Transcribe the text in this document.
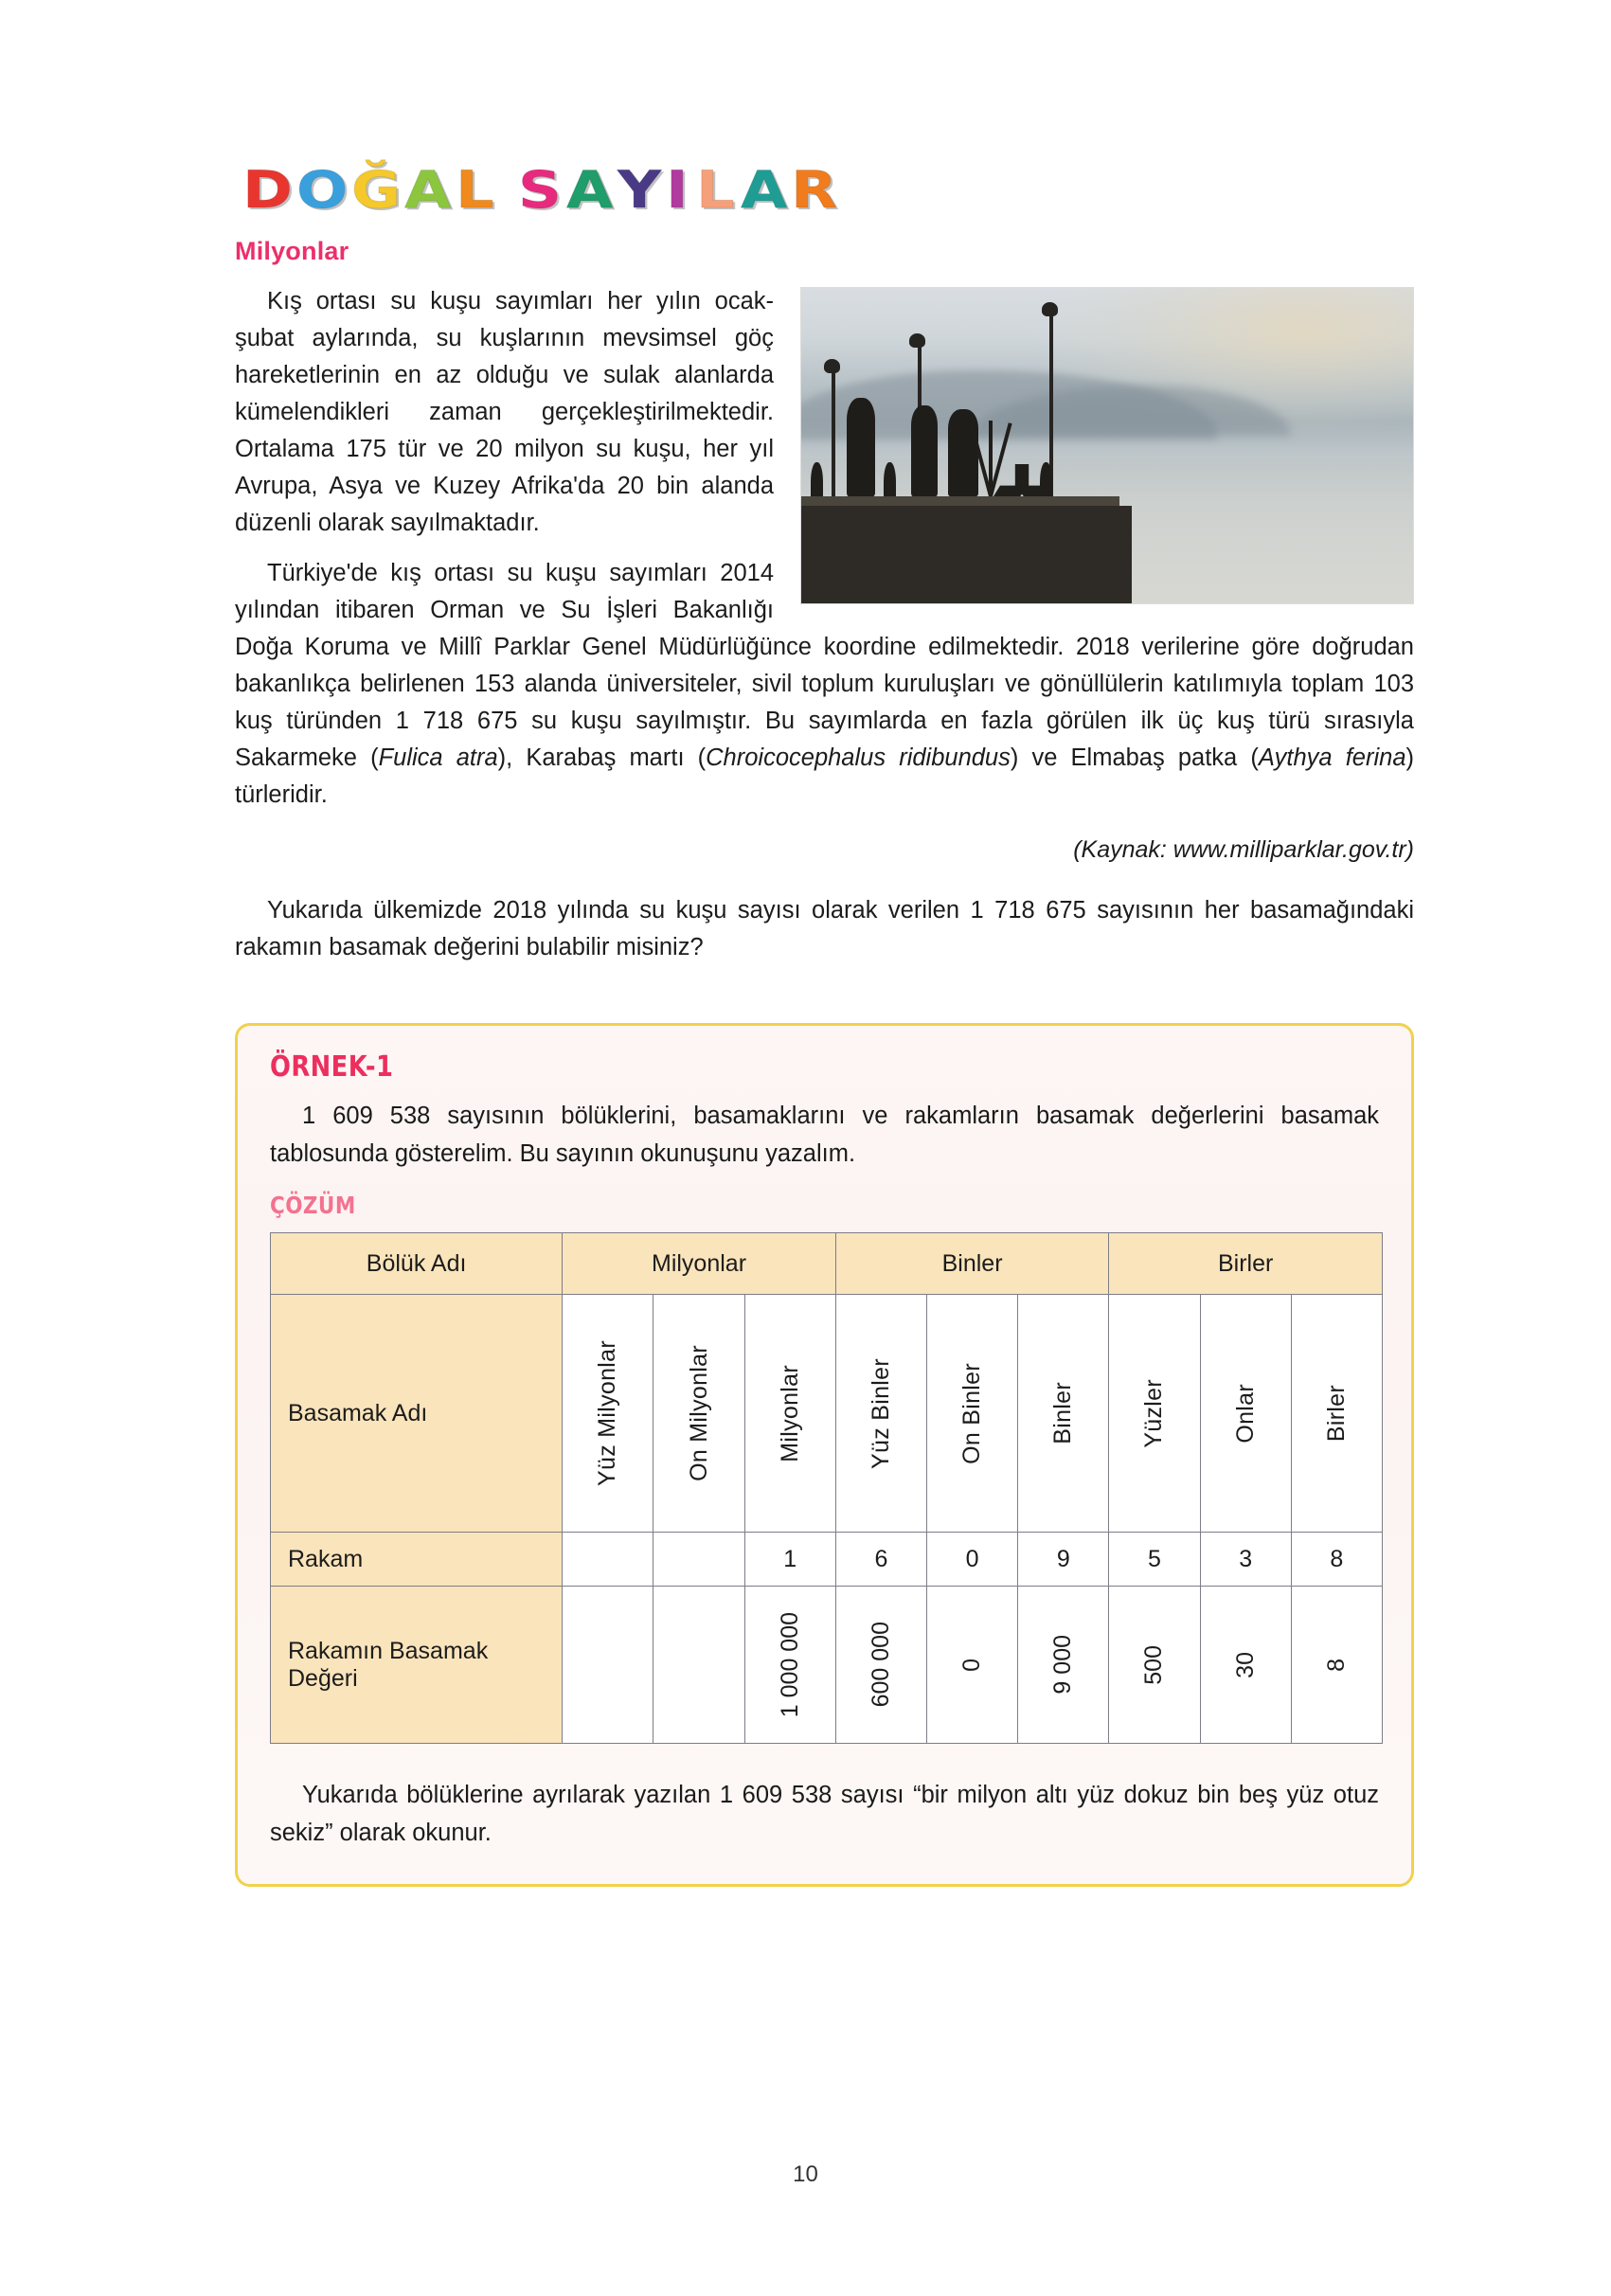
D O Ğ A L S A Y I L A R
Milyonlar
Kış ortası su kuşu sayımları her yılın ocak-şubat aylarında, su kuşlarının mevsimsel göç hareketlerinin en az olduğu ve sulak alanlarda kümelendikleri zaman gerçekleştirilmektedir. Ortalama 175 tür ve 20 milyon su kuşu, her yıl Avrupa, Asya ve Kuzey Afrika'da 20 bin alanda düzenli olarak sayılmaktadır.
Türkiye'de kış ortası su kuşu sayımları 2014 yılından itibaren Orman ve Su İşleri Bakanlığı Doğa Koruma ve Millî Parklar Genel Müdürlüğünce koordine edilmektedir. 2018 verilerine göre doğrudan bakanlıkça belirlenen 153 alanda üniversiteler, sivil toplum kuruluşları ve gönüllülerin katılımıyla toplam 103 kuş türünden 1 718 675 su kuşu sayılmıştır. Bu sayımlarda en fazla görülen ilk üç kuş türü sırasıyla Sakarmeke (Fulica atra), Karabaş martı (Chroicocephalus ridibundus) ve Elmabaş patka (Aythya ferina) türleridir.
(Kaynak: www.milliparklar.gov.tr)
Yukarıda ülkemizde 2018 yılında su kuşu sayısı olarak verilen 1 718 675 sayısının her basamağındaki rakamın basamak değerini bulabilir misiniz?
ÖRNEK-1
1 609 538 sayısının bölüklerini, basamaklarını ve rakamların basamak değerlerini basamak tablosunda gösterelim. Bu sayının okunuşunu yazalım.
ÇÖZÜM
Bölük Adı	Milyonlar			Binler			Birler		
Basamak Adı	Yüz Milyonlar	On Milyonlar	Milyonlar	Yüz Binler	On Binler	Binler	Yüzler	Onlar	Birler

Rakam			1	6	0	9	5	3	8
Rakamın Basamak Değeri			1 000 000	600 000	0	9 000	500	30	8
Yukarıda bölüklerine ayrılarak yazılan 1 609 538 sayısı “bir milyon altı yüz dokuz bin beş yüz otuz sekiz” olarak okunur.
10
